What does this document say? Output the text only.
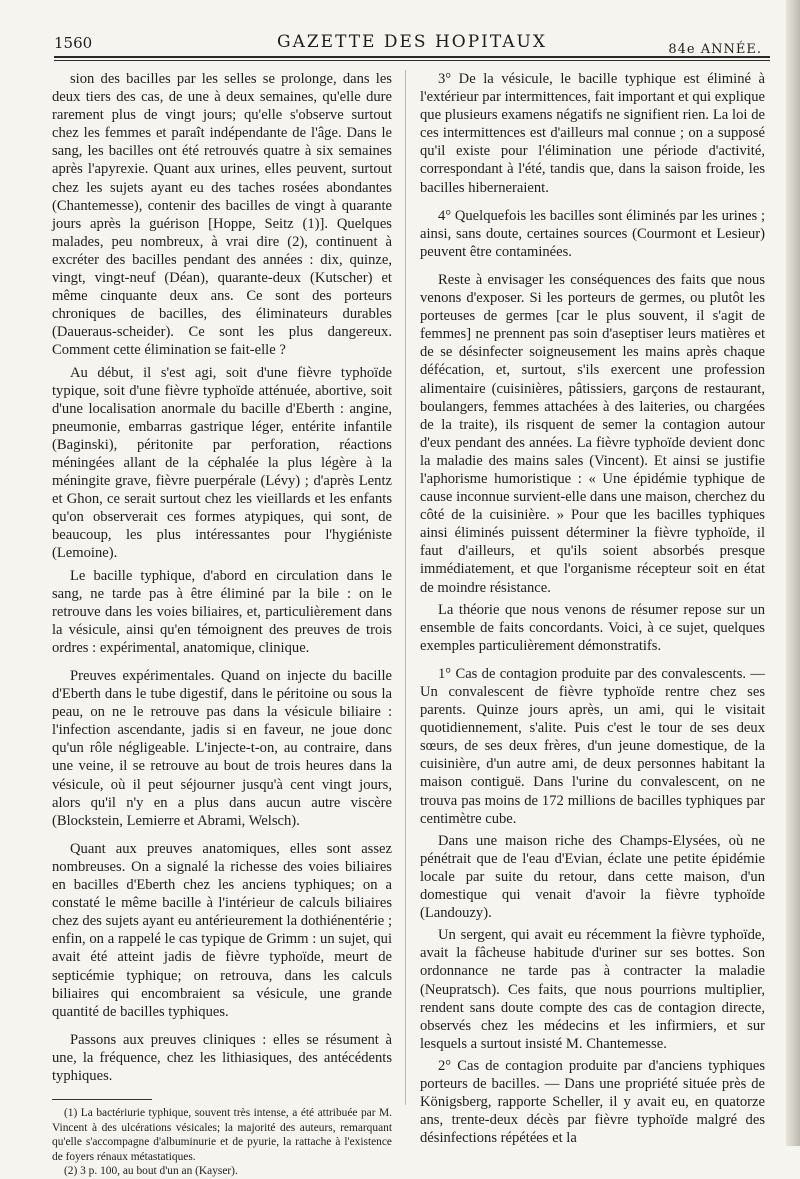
1560	GAZETTE DES HOPITAUX	84e ANNÉE.

sion des bacilles par les selles se prolonge, dans les deux tiers des cas, de une à deux semaines, qu'elle dure rarement plus de vingt jours; qu'elle s'observe surtout chez les femmes et paraît indépendante de l'âge. Dans le sang, les bacilles ont été retrouvés quatre à six semaines après l'apyrexie. Quant aux urines, elles peuvent, surtout chez les sujets ayant eu des taches rosées abondantes (Chantemesse), contenir des bacilles de vingt à quarante jours après la guérison [Hoppe, Seitz (1)]. Quelques malades, peu nombreux, à vrai dire (2), continuent à excréter des bacilles pendant des années : dix, quinze, vingt, vingt-neuf (Déan), quarante-deux (Kutscher) et même cinquante deux ans. Ce sont des porteurs chroniques de bacilles, des éliminateurs durables (Daueraus-scheider). Ce sont les plus dangereux. Comment cette élimination se fait-elle ?

Au début, il s'est agi, soit d'une fièvre typhoïde typique, soit d'une fièvre typhoïde atténuée, abortive, soit d'une localisation anormale du bacille d'Eberth : angine, pneumonie, embarras gastrique léger, entérite infantile (Baginski), péritonite par perforation, réactions méningées allant de la céphalée la plus légère à la méningite grave, fièvre puerpérale (Lévy) ; d'après Lentz et Ghon, ce serait surtout chez les vieillards et les enfants qu'on observerait ces formes atypiques, qui sont, de beaucoup, les plus intéressantes pour l'hygiéniste (Lemoine).

Le bacille typhique, d'abord en circulation dans le sang, ne tarde pas à être éliminé par la bile : on le retrouve dans les voies biliaires, et, particulièrement dans la vésicule, ainsi qu'en témoignent des preuves de trois ordres : expérimental, anatomique, clinique.

Preuves expérimentales. Quand on injecte du bacille d'Eberth dans le tube digestif, dans le péritoine ou sous la peau, on ne le retrouve pas dans la vésicule biliaire : l'infection ascendante, jadis si en faveur, ne joue donc qu'un rôle négligeable. L'injecte-t-on, au contraire, dans une veine, il se retrouve au bout de trois heures dans la vésicule, où il peut séjourner jusqu'à cent vingt jours, alors qu'il n'y en a plus dans aucun autre viscère (Blockstein, Lemierre et Abrami, Welsch).

Quant aux preuves anatomiques, elles sont assez nombreuses. On a signalé la richesse des voies biliaires en bacilles d'Eberth chez les anciens typhiques; on a constaté le même bacille à l'intérieur de calculs biliaires chez des sujets ayant eu antérieurement la dothiénentérie ; enfin, on a rappelé le cas typique de Grimm : un sujet, qui avait été atteint jadis de fièvre typhoïde, meurt de septicémie typhique; on retrouva, dans les calculs biliaires qui encombraient sa vésicule, une grande quantité de bacilles typhiques.

Passons aux preuves cliniques : elles se résument à une, la fréquence, chez les lithiasiques, des antécédents typhiques.

(1) La bactériurie typhique, souvent très intense, a été attribuée par M. Vincent à des ulcérations vésicales; la majorité des auteurs, remarquant qu'elle s'accompagne d'albuminurie et de pyurie, la rattache à l'existence de foyers rénaux métastatiques.

(2) 3 p. 100, au bout d'un an (Kayser).

3° De la vésicule, le bacille typhique est éliminé à l'extérieur par intermittences, fait important et qui explique que plusieurs examens négatifs ne signifient rien. La loi de ces intermittences est d'ailleurs mal connue ; on a supposé qu'il existe pour l'élimination une période d'activité, correspondant à l'été, tandis que, dans la saison froide, les bacilles hiberneraient.

4° Quelquefois les bacilles sont éliminés par les urines ; ainsi, sans doute, certaines sources (Courmont et Lesieur) peuvent être contaminées.

Reste à envisager les conséquences des faits que nous venons d'exposer. Si les porteurs de germes, ou plutôt les porteuses de germes [car le plus souvent, il s'agit de femmes] ne prennent pas soin d'aseptiser leurs matières et de se désinfecter soigneusement les mains après chaque défécation, et, surtout, s'ils exercent une profession alimentaire (cuisinières, pâtissiers, garçons de restaurant, boulangers, femmes attachées à des laiteries, ou chargées de la traite), ils risquent de semer la contagion autour d'eux pendant des années. La fièvre typhoïde devient donc la maladie des mains sales (Vincent). Et ainsi se justifie l'aphorisme humoristique : « Une épidémie typhique de cause inconnue survient-elle dans une maison, cherchez du côté de la cuisinière. » Pour que les bacilles typhiques ainsi éliminés puissent déterminer la fièvre typhoïde, il faut d'ailleurs, et qu'ils soient absorbés presque immédiatement, et que l'organisme récepteur soit en état de moindre résistance.

La théorie que nous venons de résumer repose sur un ensemble de faits concordants. Voici, à ce sujet, quelques exemples particulièrement démonstratifs.

1° Cas de contagion produite par des convalescents. — Un convalescent de fièvre typhoïde rentre chez ses parents. Quinze jours après, un ami, qui le visitait quotidiennement, s'alite. Puis c'est le tour de ses deux sœurs, de ses deux frères, d'un jeune domestique, de la cuisinière, d'un autre ami, de deux personnes habitant la maison contiguë. Dans l'urine du convalescent, on ne trouva pas moins de 172 millions de bacilles typhiques par centimètre cube.

Dans une maison riche des Champs-Elysées, où ne pénétrait que de l'eau d'Evian, éclate une petite épidémie locale par suite du retour, dans cette maison, d'un domestique qui venait d'avoir la fièvre typhoïde (Landouzy).

Un sergent, qui avait eu récemment la fièvre typhoïde, avait la fâcheuse habitude d'uriner sur ses bottes. Son ordonnance ne tarde pas à contracter la maladie (Neupratsch). Ces faits, que nous pourrions multiplier, rendent sans doute compte des cas de contagion directe, observés chez les médecins et les infirmiers, et sur lesquels a surtout insisté M. Chantemesse.

2° Cas de contagion produite par d'anciens typhiques porteurs de bacilles. — Dans une propriété située près de Königsberg, rapporte Scheller, il y avait eu, en quatorze ans, trente-deux décès par fièvre typhoïde malgré des désinfections répétées et la
